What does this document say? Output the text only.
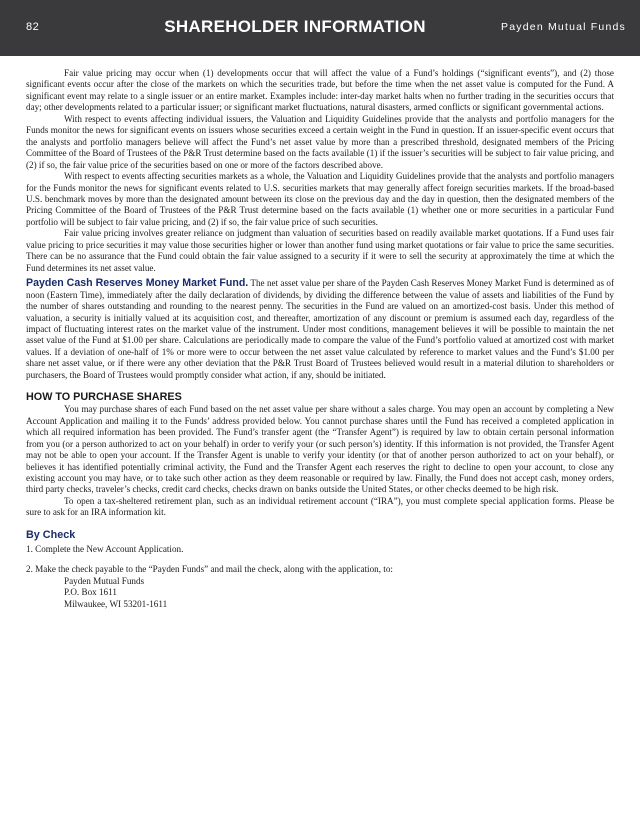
82	SHAREHOLDER INFORMATION	Payden Mutual Funds

Fair value pricing may occur when (1) developments occur that will affect the value of a Fund’s holdings (“significant events”), and (2) those significant events occur after the close of the markets on which the securities trade, but before the time when the net asset value is computed for the Fund. A significant event may relate to a single issuer or an entire market. Examples include: inter-day market halts when no further trading in the securities occurs that day; other developments related to a particular issuer; or significant market fluctuations, natural disasters, armed conflicts or significant governmental actions.

With respect to events affecting individual issuers, the Valuation and Liquidity Guidelines provide that the analysts and portfolio managers for the Funds monitor the news for significant events on issuers whose securities exceed a certain weight in the Fund in question. If an issuer-specific event occurs that the analysts and portfolio managers believe will affect the Fund’s net asset value by more than a prescribed threshold, designated members of the Pricing Committee of the Board of Trustees of the P&R Trust determine based on the facts available (1) if the issuer’s securities will be subject to fair value pricing, and (2) if so, the fair value price of the securities based on one or more of the factors described above.

With respect to events affecting securities markets as a whole, the Valuation and Liquidity Guidelines provide that the analysts and portfolio managers for the Funds monitor the news for significant events related to U.S. securities markets that may generally affect foreign securities markets. If the broad-based U.S. benchmark moves by more than the designated amount between its close on the previous day and the day in question, then the designated members of the Pricing Committee of the Board of Trustees of the P&R Trust determine based on the facts available (1) whether one or more securities in a particular Fund portfolio will be subject to fair value pricing, and (2) if so, the fair value price of such securities.

Fair value pricing involves greater reliance on judgment than valuation of securities based on readily available market quotations. If a Fund uses fair value pricing to price securities it may value those securities higher or lower than another fund using market quotations or fair value to price the same securities. There can be no assurance that the Fund could obtain the fair value assigned to a security if it were to sell the security at approximately the time at which the Fund determines its net asset value.

Payden Cash Reserves Money Market Fund. The net asset value per share of the Payden Cash Reserves Money Market Fund is determined as of noon (Eastern Time), immediately after the daily declaration of dividends, by dividing the difference between the value of assets and liabilities of the Fund by the number of shares outstanding and rounding to the nearest penny. The securities in the Fund are valued on an amortized-cost basis. Under this method of valuation, a security is initially valued at its acquisition cost, and thereafter, amortization of any discount or premium is assumed each day, regardless of the impact of fluctuating interest rates on the market value of the instrument. Under most conditions, management believes it will be possible to maintain the net asset value of the Fund at $1.00 per share. Calculations are periodically made to compare the value of the Fund’s portfolio valued at amortized cost with market values. If a deviation of one-half of 1% or more were to occur between the net asset value calculated by reference to market values and the Fund’s $1.00 per share net asset value, or if there were any other deviation that the P&R Trust Board of Trustees believed would result in a material dilution to shareholders or purchasers, the Board of Trustees would promptly consider what action, if any, should be initiated.

HOW TO PURCHASE SHARES

You may purchase shares of each Fund based on the net asset value per share without a sales charge. You may open an account by completing a New Account Application and mailing it to the Funds’ address provided below. You cannot purchase shares until the Fund has received a completed application in which all required information has been provided. The Fund’s transfer agent (the “Transfer Agent”) is required by law to obtain certain personal information from you (or a person authorized to act on your behalf) in order to verify your (or such person’s) identity. If this information is not provided, the Transfer Agent may not be able to open your account. If the Transfer Agent is unable to verify your identity (or that of another person authorized to act on your behalf), or believes it has identified potentially criminal activity, the Fund and the Transfer Agent each reserves the right to decline to open your account, to close any existing account you may have, or to take such other action as they deem reasonable or required by law. Finally, the Fund does not accept cash, money orders, third party checks, traveler’s checks, credit card checks, checks drawn on banks outside the United States, or other checks deemed to be high risk.

To open a tax-sheltered retirement plan, such as an individual retirement account (“IRA”), you must complete special application forms. Please be sure to ask for an IRA information kit.

By Check

1. Complete the New Account Application.

2. Make the check payable to the “Payden Funds” and mail the check, along with the application, to:

Payden Mutual Funds
P.O. Box 1611
Milwaukee, WI 53201-1611
